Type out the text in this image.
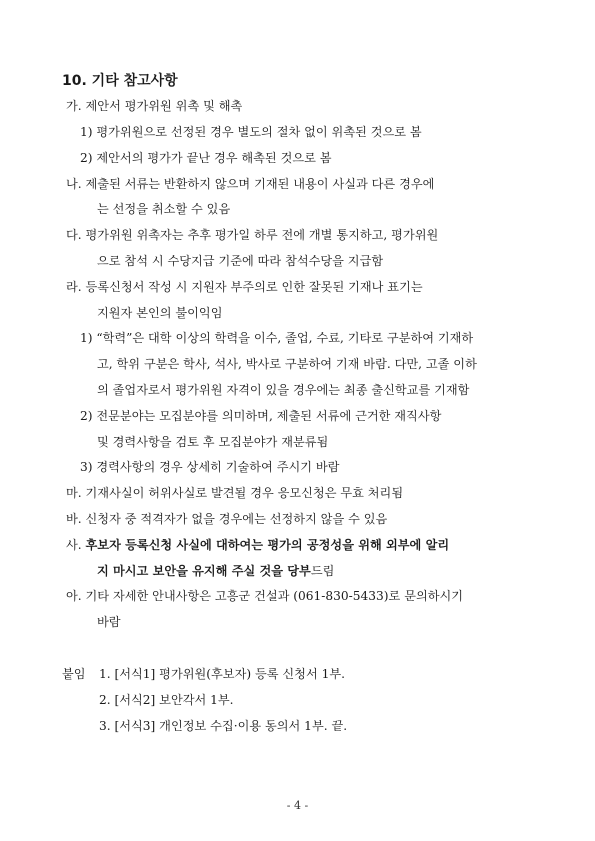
10. 기타 참고사항
가. 제안서 평가위원 위촉 및 해촉
1) 평가위원으로 선정된 경우 별도의 절차 없이 위촉된 것으로 봄
2) 제안서의 평가가 끝난 경우 해촉된 것으로 봄
나. 제출된 서류는 반환하지 않으며 기재된 내용이 사실과 다른 경우에
는 선정을 취소할 수 있음
다. 평가위원 위촉자는 추후 평가일 하루 전에 개별 통지하고, 평가위원
으로 참석 시 수당지급 기준에 따라 참석수당을 지급함
라. 등록신청서 작성 시 지원자 부주의로 인한 잘못된 기재나 표기는
지원자 본인의 불이익임
1) “학력”은 대학 이상의 학력을 이수, 졸업, 수료, 기타로 구분하여 기재하
고, 학위 구분은 학사, 석사, 박사로 구분하여 기재 바람. 다만, 고졸 이하
의 졸업자로서 평가위원 자격이 있을 경우에는 최종 출신학교를 기재함
2) 전문분야는 모집분야를 의미하며, 제출된 서류에 근거한 재직사항
및 경력사항을 검토 후 모집분야가 재분류됨
3) 경력사항의 경우 상세히 기술하여 주시기 바람
마. 기재사실이 허위사실로 발견될 경우 응모신청은 무효 처리됨
바. 신청자 중 적격자가 없을 경우에는 선정하지 않을 수 있음
사. 후보자 등록신청 사실에 대하여는 평가의 공정성을 위해 외부에 알리
지 마시고 보안을 유지해 주실 것을 당부드림
아. 기타 자세한 안내사항은 고흥군 건설과 (061-830-5433)로 문의하시기
바람
붙임 1. [서식1] 평가위원(후보자) 등록 신청서 1부.
2. [서식2] 보안각서 1부.
3. [서식3] 개인정보 수집·이용 동의서 1부. 끝.
- 4 -
